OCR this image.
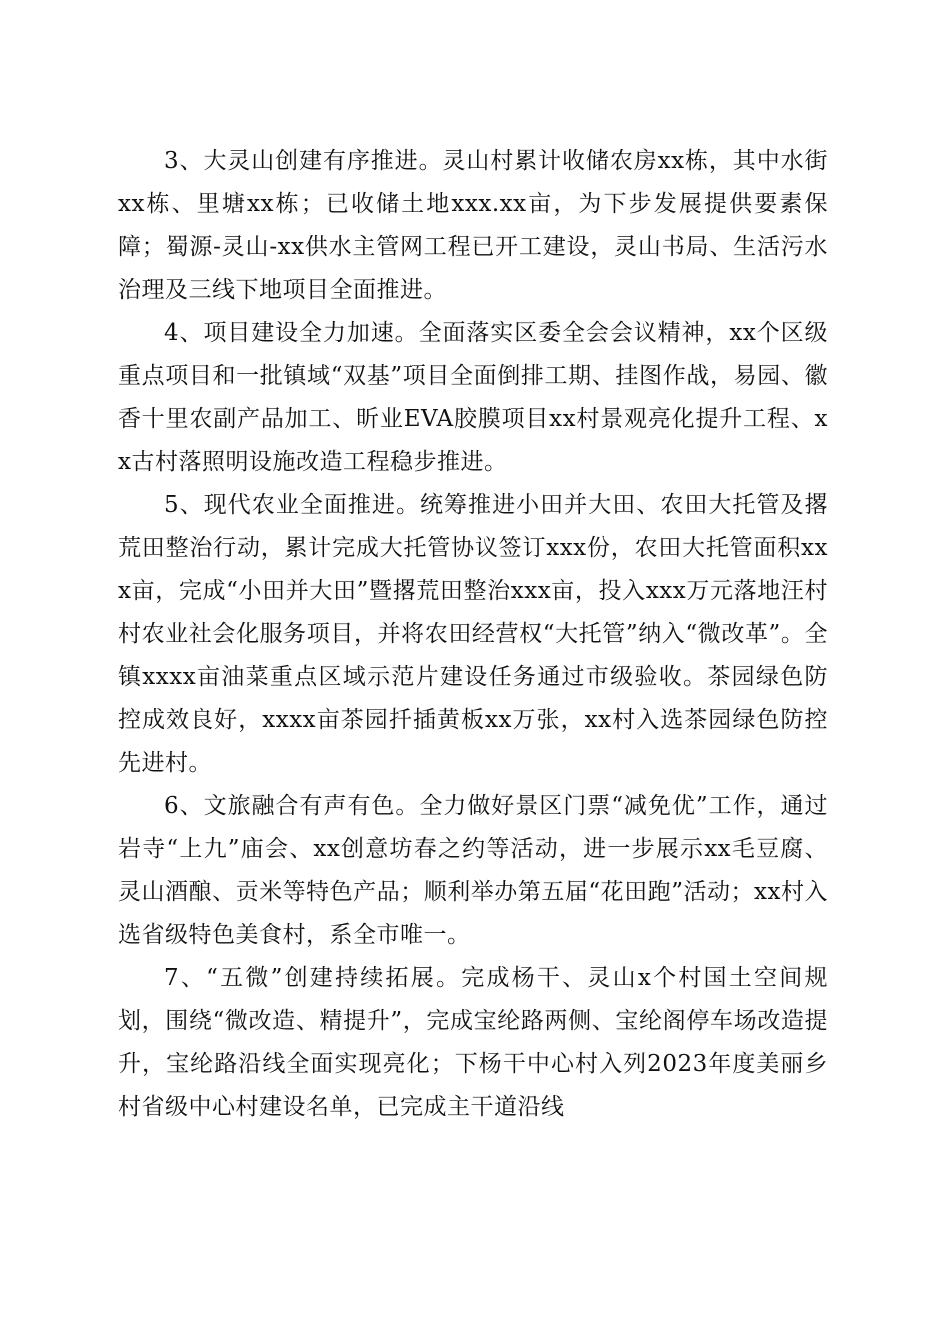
3、大灵山创建有序推进。灵山村累计收储农房xx栋，其中水街xx栋、里塘xx栋；已收储土地xxx.xx亩，为下步发展提供要素保障；蜀源-灵山-xx供水主管网工程已开工建设，灵山书局、生活污水治理及三线下地项目全面推进。

4、项目建设全力加速。全面落实区委全会会议精神，xx个区级重点项目和一批镇域“双基”项目全面倒排工期、挂图作战，易园、徽香十里农副产品加工、昕业EVA胶膜项目xx村景观亮化提升工程、xx古村落照明设施改造工程稳步推进。

5、现代农业全面推进。统筹推进小田并大田、农田大托管及撂荒田整治行动，累计完成大托管协议签订xxx份，农田大托管面积xxx亩，完成“小田并大田”暨撂荒田整治xxx亩，投入xxx万元落地汪村村农业社会化服务项目，并将农田经营权“大托管”纳入“微改革”。全镇xxxx亩油菜重点区域示范片建设任务通过市级验收。茶园绿色防控成效良好，xxxx亩茶园扦插黄板xx万张，xx村入选茶园绿色防控先进村。

6、文旅融合有声有色。全力做好景区门票“减免优”工作，通过岩寺“上九”庙会、xx创意坊春之约等活动，进一步展示xx毛豆腐、灵山酒酿、贡米等特色产品；顺利举办第五届“花田跑”活动；xx村入选省级特色美食村，系全市唯一。

7、“五微”创建持续拓展。完成杨干、灵山x个村国土空间规划，围绕“微改造、精提升”，完成宝纶路两侧、宝纶阁停车场改造提升，宝纶路沿线全面实现亮化；下杨干中心村入列2023年度美丽乡村省级中心村建设名单，已完成主干道沿线
